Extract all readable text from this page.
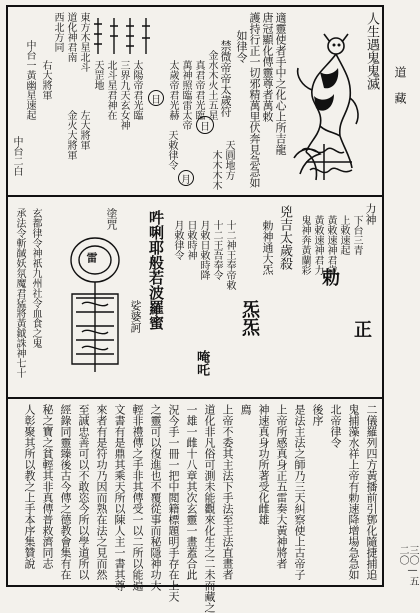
道
藏
三〇—五二〇
人生遇鬼鬼滅
適靈使者手中之化心上所吉龍
唐冠顯化傳靈尊者萬敕
護持行正一切邪精萬里伏奔見急急如
如律令
禁微帝帝太歲符
金水木火土五星
真君帝君光臨
日
月
日	萬神照臨雷太帝
太歲帝君光赫
太陽帝君光臨
三界九天玄女神
北斗星君神在
天罡地
天圓地方
木木木木
天敕律令
東方木星北斗
道化神君南
西北方同
左大將軍
右大將軍
金火大將軍
中台一黃幽星速起
中台二白
力神
下台三青
上敕速起
黃敕速神君歲
黃敕速神君力
鬼神奔黃蘭彩
勅
正
兇吉太歲殺
勅神通大炁
炁炁
十二神王奉帝敕
十二王吾奉令
月敕日敕時降
日敕時神
月敕律令
吽唎耶般若波羅蜜
娑婆訶
唵吒
雷
塗咒
玄都律令神祇九州社令血食之鬼
承法令斬馘妖氛魔君猛將黃鉞誅神七十
二儀羅列四方黃播前引鄧化隨捷捕追
鬼捕藻水祥上帝有勅速降增場急急如
北帝律令
後序
是法主法之師乃三天糾察使上古帝子
上帝所感真身正五雷奏大黃神將者
神速真身功所著受化雌雄
廌
上帝不委其主法下手法至主法直畫者
道化非凡俗可測未能觀來化生之二未而藏之
一雄一雌十八章其次玄靈一畫蓋合此
況今手一冊一把中閲籍標題明手存在上天
之靈可以復進也不覆從事而秘隱神功大
輕非禮傳之手非其傳受一以二所以能遍
文書有是鼎其乘天所以陳人主一書其尊
來者有是符功乃因而熟在法之見而然
至誠忠善可以不敢恣今所以學道所以
經錄同靈臻後古今傳之德教會集有在
秘之寶之貧輕其非真傳普救濟同志
人彰聚其所以教之上手本序集贊說
